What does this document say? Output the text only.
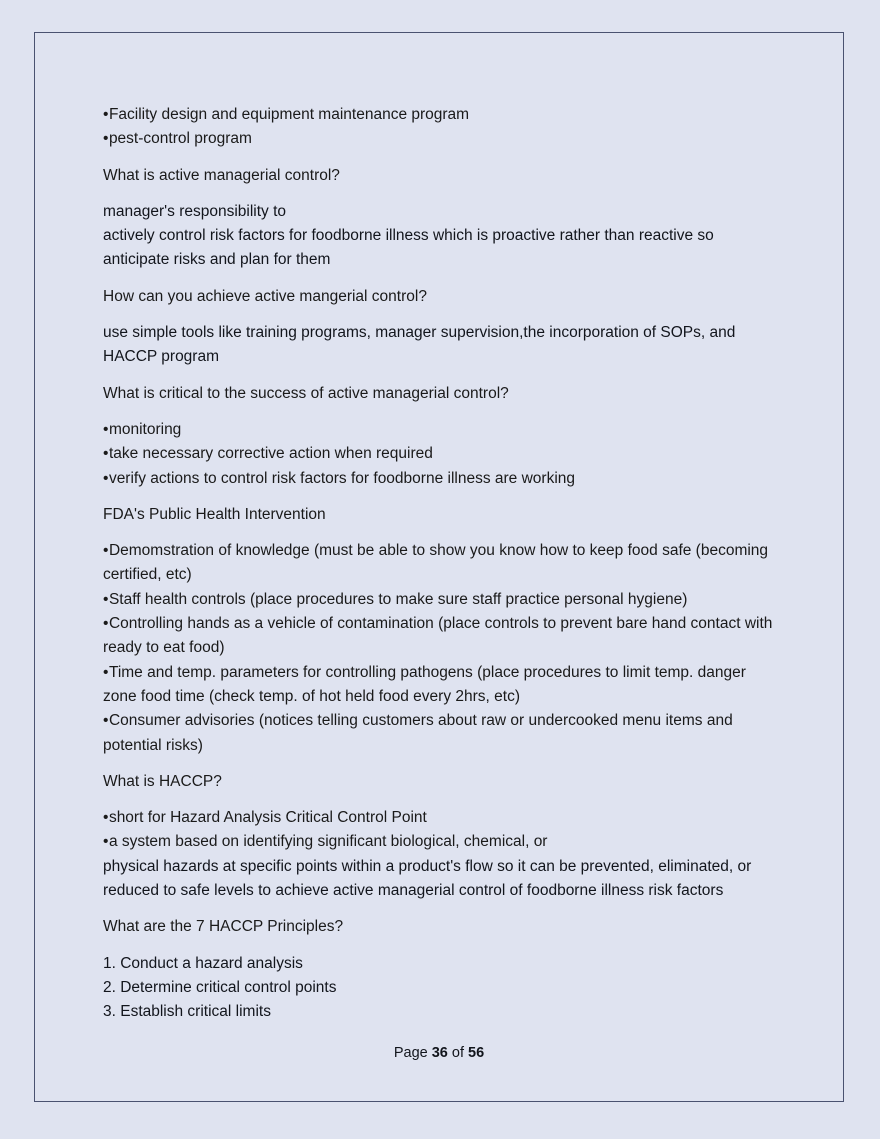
•Facility design and equipment maintenance program

•pest-control program

What is active managerial control?

manager's responsibility to

actively control risk factors for foodborne illness which is proactive rather than reactive so anticipate risks and plan for them

How can you achieve active mangerial control?

use simple tools like training programs, manager supervision,the incorporation of SOPs, and HACCP program

What is critical to the success of active managerial control?

•monitoring

•take necessary corrective action when required

•verify actions to control risk factors for foodborne illness are working

FDA's Public Health Intervention

•Demomstration of knowledge (must be able to show you know how to keep food safe (becoming certified, etc)

•Staff health controls (place procedures to make sure staff practice personal hygiene)

•Controlling hands as a vehicle of contamination (place controls to prevent bare hand contact with ready to eat food)

•Time and temp. parameters for controlling pathogens (place procedures to limit temp. danger zone food time (check temp. of hot held food every 2hrs, etc)

•Consumer advisories (notices telling customers about raw or undercooked menu items and potential risks)

What is HACCP?

•short for Hazard Analysis Critical Control Point

•a system based on identifying significant biological, chemical, or

physical hazards at specific points within a product's flow so it can be prevented, eliminated, or reduced to safe levels to achieve active managerial control of foodborne illness risk factors

What are the 7 HACCP Principles?

1. Conduct a hazard analysis

2. Determine critical control points

3. Establish critical limits

Page 36 of 56
